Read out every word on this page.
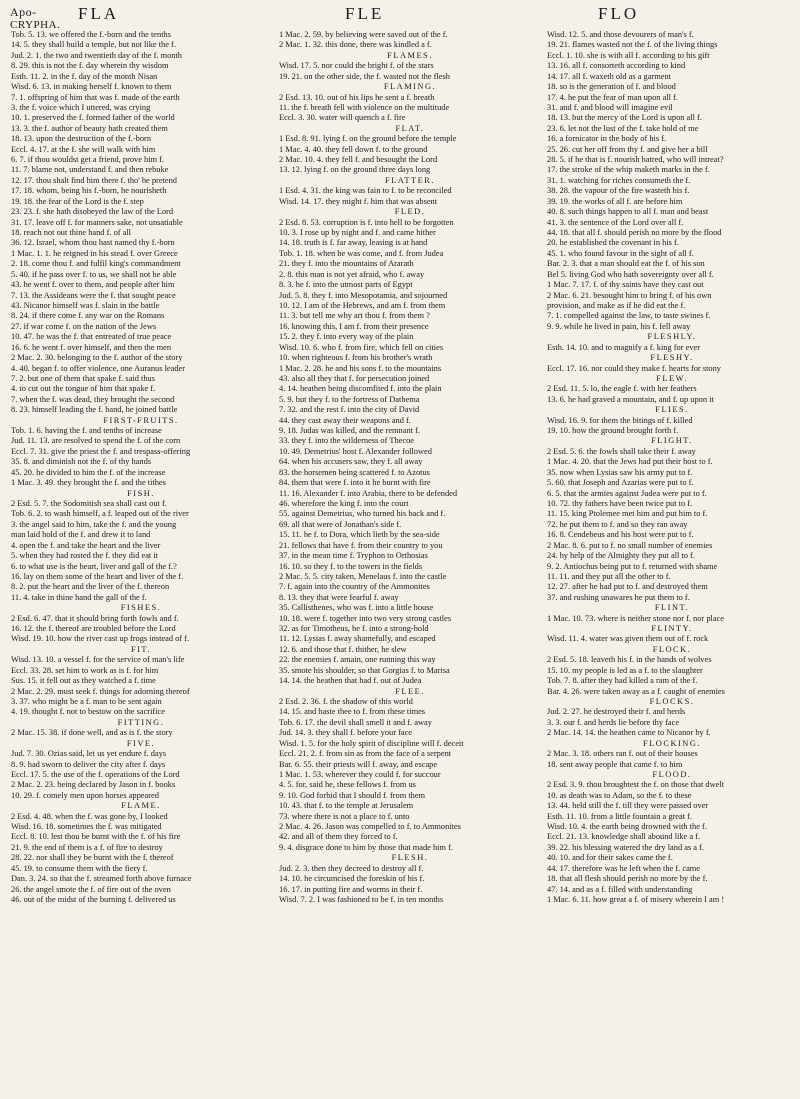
Apo-
CRYPHA.
FLA	FLE	FLO
Tob. 5. 13. we offered the f.-born and the tenths
14. 5. they shall build a temple, but not like the f.
Jud. 2. 1. the two and twentieth day of the f. month
8. 29. this is not the f. day wherein thy wisdom
Esth. 11. 2. in the f. day of the month Nisan
Wisd. 6. 13. in making herself f. known to them
7. 1. offspring of him that was f. made of the earth
3. the f. voice which I uttered, was crying
10. 1. preserved the f. formed father of the world
13. 3. the f. author of beauty hath created them
18. 13. upon the destruction of the f.-born
Eccl. 4. 17. at the f. she will walk with him
6. 7. if thou wouldst get a friend, prove him f.
11. 7. blame not, understand f. and then rebuke
12. 17. thou shalt find him there f. tho' he pretend
17. 18. whom, being his f.-born, he nourisheth
19. 18. the fear of the Lord is the f. step
23. 23. f. she hath disobeyed the law of the Lord
31. 17. leave off f. for manners sake, not unsatiable
18. reach not out thine hand f. of all
36. 12. Israel, whom thou hast named thy f.-born
1 Mac. 1. 1. he reigned in his stead f. over Greece
2. 18. come thou f. and fulfil king's commandment
5. 40. if he pass over f. to us, we shall not be able
43. he went f. over to them, and people after him
7. 13. the Assideans were the f. that sought peace
43. Nicanor himself was f. slain in the battle
8. 24. if there come f. any war on the Romans
27. if war come f. on the nation of the Jews
10. 47. he was the f. that entreated of true peace
16. 6. he went f. over himself, and then the men
2 Mac. 2. 30. belonging to the f. author of the story
4. 40. began f. to offer violence, one Auranus leader
7. 2. but one of them that spake f. said thus
4. to cut out the tongue of him that spake f.
7. when the f. was dead, they brought the second
8. 23. himself leading the f. band, he joined battle
FIRST-FRUITS.
Tob. 1. 6. having the f. and tenths of increase
Jud. 11. 13. are resolved to spend the f. of the corn
Eccl. 7. 31. give the priest the f. and trespass-offering
35. 8. and diminish not the f. of thy hands
45. 20. he divided to him the f. of the increase
1 Mac. 3. 49. they brought the f. and the tithes
FISH.
2 Esd. 5. 7. the Sodomitish sea shall cast out f.
Tob. 6. 2. to wash himself, a f. leaped out of the river
3. the angel said to him, take the f. and the young
man laid hold of the f. and drew it to land
4. open the f. and take the heart and the liver
5. when they had rosted the f. they did eat it
6. to what use is the heart, liver and gall of the f.?
16. lay on them some of the heart and liver of the f.
8. 2. put the heart and the liver of the f. thereon
11. 4. take in thine hand the gall of the f.
FISHES.
2 Esd. 6. 47. that it should bring forth fowls and f.
16. 12. the f. thereof are troubled before the Lord
Wisd. 19. 10. how the river cast up frogs instead of f.
FIT.
Wisd. 13. 10. a vessel f. for the service of man's life
Eccl. 33. 28. set him to work as is f. for him
Sus. 15. it fell out as they watched a f. time
2 Mac. 2. 29. must seek f. things for adorning thereof
3. 37. who might be a f. man to be sent again
4. 19. thought f. not to bestow on the sacrifice
FITTING.
2 Mac. 15. 38. if done well, and as is f. the story
FIVE.
Jud. 7. 30. Ozias said, let us yet endure f. days
8. 9. had sworn to deliver the city after f. days
Eccl. 17. 5. the use of the f. operations of the Lord
2 Mac. 2. 23. being declared by Jason in f. books
10. 29. f. comely men upon horses appeared
FLAME.
2 Esd. 4. 48. when the f. was gone by, I looked
Wisd. 16. 18. sometimes the f. was mitigated
Eccl. 8. 10. lest thou be burnt with the f. of his fire
21. 9. the end of them is a f. of fire to destroy
28. 22. nor shall they be burnt with the f. thereof
45. 19. to consume them with the fiery f.
Dan. 3. 24. so that the f. streamed forth above furnace
26. the angel smote the f. of fire out of the oven
46. out of the midst of the burning f. delivered us
1 Mac. 2. 59. by believing were saved out of the f.
2 Mac. 1. 32. this done, there was kindled a f.
FLAMES.
Wisd. 17. 5. nor could the bright f. of the stars
19. 21. on the other side, the f. wasted not the flesh
FLAMING.
2 Esd. 13. 10. out of his lips he sent a f. breath
11. the f. breath fell with violence on the multitude
Eccl. 3. 30. water will quench a f. fire
FLAT.
1 Esd. 8. 91. lying f. on the ground before the temple
1 Mac. 4. 40. they fell down f. to the ground
2 Mac. 10. 4. they fell f. and besought the Lord
13. 12. lying f. on the ground three days long
FLATTER.
1 Esd. 4. 31. the king was fain to f. to be reconciled
Wisd. 14. 17. they might f. him that was absent
FLED.
2 Esd. 8. 53. corruption is f. into hell to be forgotten
10. 3. I rose up by night and f. and came hither
14. 18. truth is f. far away, leasing is at hand
Tob. 1. 18. when he was come, and f. from Judea
21. they f. into the mountains of Ararath
2. 8. this man is not yet afraid, who f. away
8. 3. he f. into the utmost parts of Egypt
Jud. 5. 8. they f. into Mesopotamia, and sojourned
10. 12. I am of the Hebrews, and am f. from them
11. 3. but tell me why art thou f. from them ?
16. knowing this, I am f. from their presence
15. 2. they f. into every way of the plain
Wisd. 10. 6. who f. from fire, which fell on cities
10. when righteous f. from his brother's wrath
1 Mac. 2. 28. he and his sons f. to the mountains
43. also all they that f. for persecution joined
4. 14. heathen being discomfited f. into the plain
5. 9. but they f. to the fortress of Dathema
7. 32. and the rest f. into the city of David
44. they cast away their weapons and f.
9. 18. Judas was killed, and the remnant f.
33. they f. into the wilderness of Thecoe
10. 49. Demetrius' host f. Alexander followed
64. when his accusers saw, they f. all away
83. the horsemen being scattered f. to Azotus
84. them that were f. into it he burnt with fire
11. 16. Alexander f. into Arabia, there to be defended
46. wherefore the king f. into the court
55. against Demetrius, who turned his back and f.
69. all that were of Jonathan's side f.
15. 11. he f. to Dora, which lieth by the sea-side
21. fellows that have f. from their country to you
37. in the mean time f. Tryphon to Orthosias
16. 10. so they f. to the towers in the fields
2 Mac. 5. 5. city taken, Menelaus f. into the castle
7. f. again into the country of the Ammonites
8. 13. they that were fearful f. away
35. Callisthenes, who was f. into a little house
10. 18. were f. together into two very strong castles
32. as for Timotheus, he f. into a strong-hold
11. 12. Lysias f. away shamefully, and escaped
12. 6. and those that f. thither, he slew
22. the enemies f. amain, one running this way
35. smote his shoulder, so that Gorgias f. to Marisa
14. 14. the heathen that had f. out of Judea
FLEE.
2 Esd. 2. 36. f. the shadow of this world
14. 15. and haste thee to f. from these times
Tob. 6. 17. the devil shall smell it and f. away
Jud. 14. 3. they shall f. before your face
Wisd. 1. 5. for the holy spirit of discipline will f. deceit
Eccl. 21. 2. f. from sin as from the face of a serpent
Bar. 6. 55. their priests will f. away, and escape
1 Mac. 1. 53. wherever they could f. for succour
4. 5. for, said he, these fellows f. from us
9. 10. God forbid that I should f. from them
10. 43. that f. to the temple at Jerusalem
73. where there is not a place to f. unto
2 Mac. 4. 26. Jason was compelled to f. to Ammonites
42. and all of them they forced to f.
9. 4. disgrace done to him by those that made him f.
FLESH.
Jud. 2. 3. then they decreed to destroy all f.
14. 10. he circumcised the foreskin of his f.
16. 17. in putting fire and worms in their f.
Wisd. 7. 2. I was fashioned to be f. in ten months
Wisd. 12. 5. and those devourers of man's f.
19. 21. flames wasted not the f. of the living things
Eccl. 1. 10. she is with all f. according to his gift
13. 16. all f. consorteth according to kind
14. 17. all f. waxeth old as a garment
18. so is the generation of f. and blood
17. 4. he put the fear of man upon all f.
31. and f. and blood will imagine evil
18. 13. but the mercy of the Lord is upon all f.
23. 6. let not the lust of the f. take hold of me
16. a fornicator in the body of his f.
25. 26. cut her off from thy f. and give her a bill
28. 5. if he that is f. nourish hatred, who will intreat?
17. the stroke of the whip maketh marks in the f.
31. 1. watching for riches consumeth the f.
38. 28. the vapour of the fire wasteth his f.
39. 19. the works of all f. are before him
40. 8. such things happen to all f. man and beast
41. 3. the sentence of the Lord over all f.
44. 18. that all f. should perish no more by the flood
20. he established the covenant in his f.
45. 1. who found favour in the sight of all f.
Bar. 2. 3. that a man should eat the f. of his son
Bel 5. living God who hath sovereignty over all f.
1 Mac. 7. 17. f. of thy saints have they cast out
2 Mac. 6. 21. besought him to bring f. of his own
provision, and make as if he did eat the f.
7. 1. compelled against the law, to taste swines f.
9. 9. while he lived in pain, his f. fell away
FLESHLY.
Esth. 14. 10. and to magnify a f. king for ever
FLESHY.
Eccl. 17. 16. nor could they make f. hearts for stony
FLEW.
2 Esd. 11. 5. lo, the eagle f. with her feathers
13. 6. he had graved a mountain, and f. up upon it
FLIES.
Wisd. 16. 9. for them the bitings of f. killed
19. 10. how the ground brought forth f.
FLIGHT.
2 Esd. 5. 6. the fowls shall take their f. away
1 Mac. 4. 20. that the Jews had put their host to f.
35. now when Lysias saw his army put to f.
5. 60. that Joseph and Azarias were put to f.
6. 5. that the armies against Judea were put to f.
10. 72. thy fathers have been twice put to f.
11. 15. king Ptolemee met him and put him to f.
72. he put them to f. and so they ran away
16. 8. Cendebeus and his host were put to f.
2 Mac. 8. 6. put to f. no small number of enemies
24. by help of the Almighty they put all to f.
9. 2. Antiochus being put to f. returned with shame
11. 11. and they put all the other to f.
12. 27. after he had put to f. and destroyed them
37. and rushing unawares he put them to f.
FLINT.
1 Mac. 10. 73. where is neither stone nor f. nor place
FLINTY.
Wisd. 11. 4. water was given them out of f. rock
FLOCK.
2 Esd. 5. 18. leaveth his f. in the hands of wolves
15. 10. my people is led as a f. to the slaughter
Tob. 7. 8. after they had killed a ram of the f.
Bar. 4. 26. were taken away as a f. caught of enemies
FLOCKS.
Jud. 2. 27. he destroyed their f. and herds
3. 3. our f. and herds lie before thy face
2 Mac. 14. 14. the heathen came to Nicanor by f.
FLOCKING.
2 Mac. 3. 18. others ran f. out of their houses
18. sent away people that came f. to him
FLOOD.
2 Esd. 3. 9. thou broughtest the f. on those that dwelt
10. as death was to Adam, so the f. to these
13. 44. held still the f. till they were passed over
Esth. 11. 10. from a little fountain a great f.
Wisd. 10. 4. the earth being drowned with the f.
Eccl. 21. 13. knowledge shall abound like a f.
39. 22. his blessing watered the dry land as a f.
40. 10. and for their sakes came the f.
44. 17. therefore was he left when the f. came
18. that all flesh should perish no more by the f.
47. 14. and as a f. filled with understanding
1 Mac. 6. 11. how great a f. of misery wherein I am !
